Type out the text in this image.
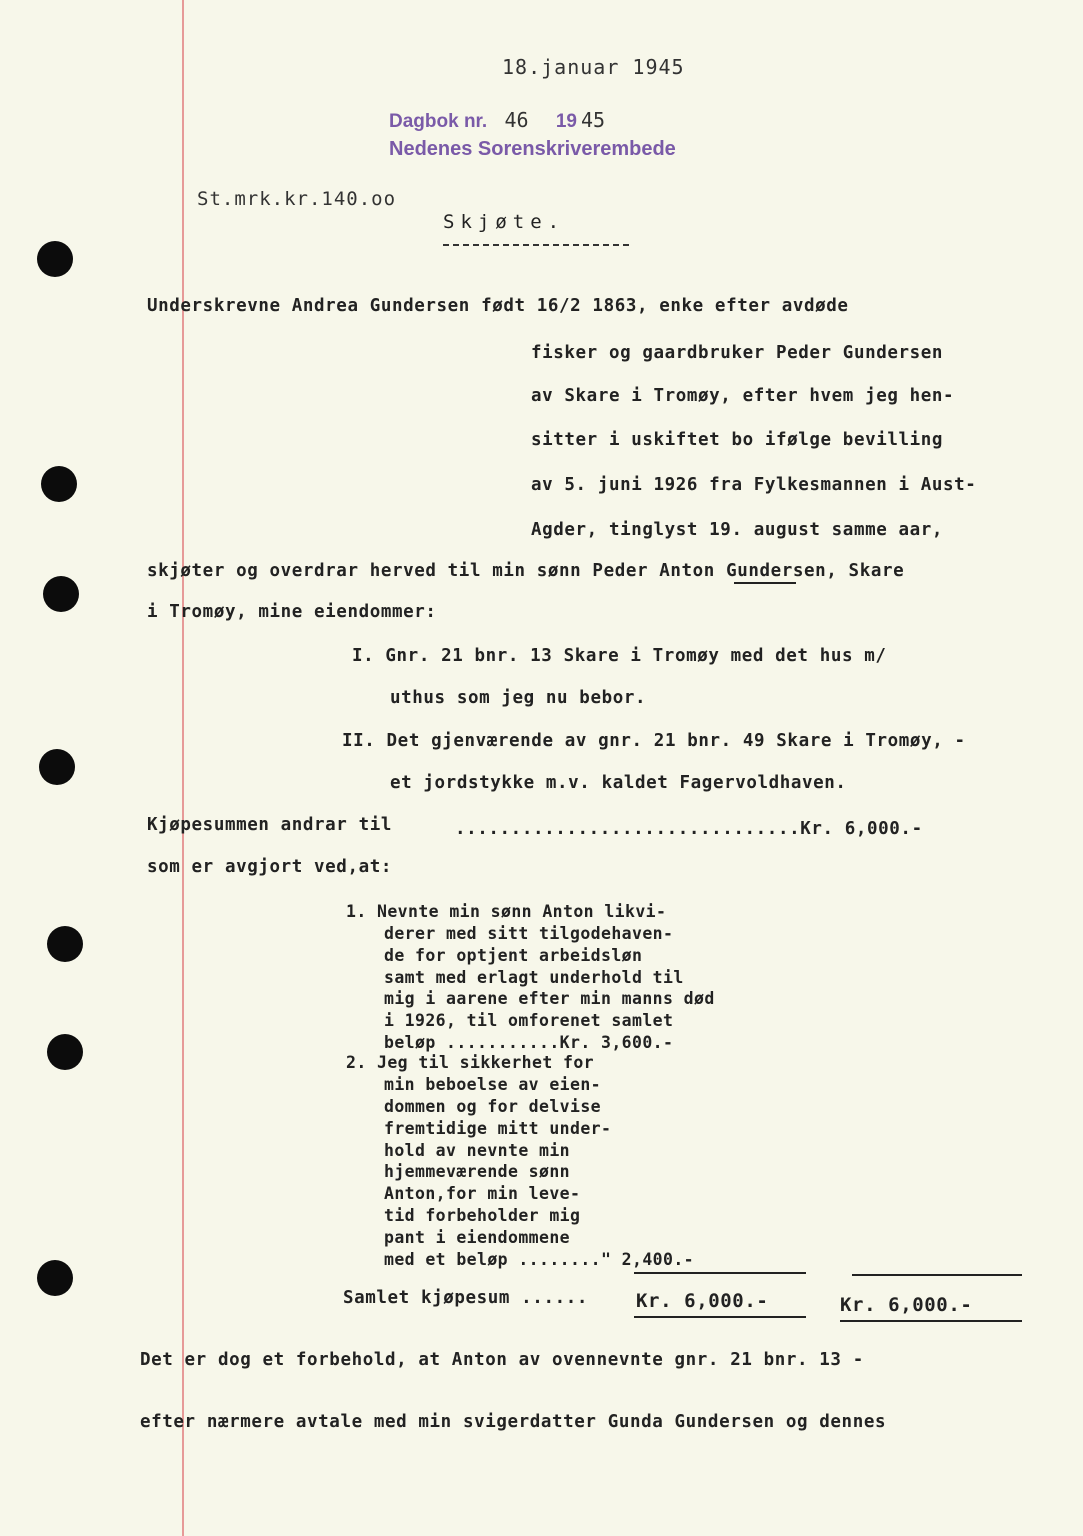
18.januar 1945
Dagbok nr. 46 19 45
Nedenes Sorenskriverembede
St.mrk.kr.140.oo
Skjøte.
Underskrevne Andrea Gundersen født 16/2 1863, enke efter avdøde
fisker og gaardbruker Peder Gundersen
av Skare i Tromøy, efter hvem jeg hen-
sitter i uskiftet bo ifølge bevilling
av 5. juni 1926 fra Fylkesmannen i Aust-
Agder, tinglyst 19. august samme aar,
skjøter og overdrar herved til min sønn Peder Anton Gundersen, Skare
i Tromøy, mine eiendommer:
I. Gnr. 21 bnr. 13 Skare i Tromøy med det hus m/
uthus som jeg nu bebor.
II. Det gjenværende av gnr. 21 bnr. 49 Skare i Tromøy, -
et jordstykke m.v. kaldet Fagervoldhaven.
Kjøpesummen andrar til	...............................Kr. 6,000.-
som er avgjort ved,at:
1. Nevnte min sønn Anton likvi-
derer med sitt tilgodehaven-
de for optjent arbeidsløn
samt med erlagt underhold til
mig i aarene efter min manns død
i 1926, til omforenet samlet
beløp ...........Kr. 3,600.-
2. Jeg til sikkerhet for
min beboelse av eien-
dommen og for delvise
fremtidige mitt under-
hold av nevnte min
hjemmeværende sønn
Anton,for min leve-
tid forbeholder mig
pant i eiendommene
med et beløp ........" 2,400.-
Samlet kjøpesum ......	Kr. 6,000.-	Kr. 6,000.-
Det er dog et forbehold, at Anton av ovennevnte gnr. 21 bnr. 13 -
efter nærmere avtale med min svigerdatter Gunda Gundersen og dennes
